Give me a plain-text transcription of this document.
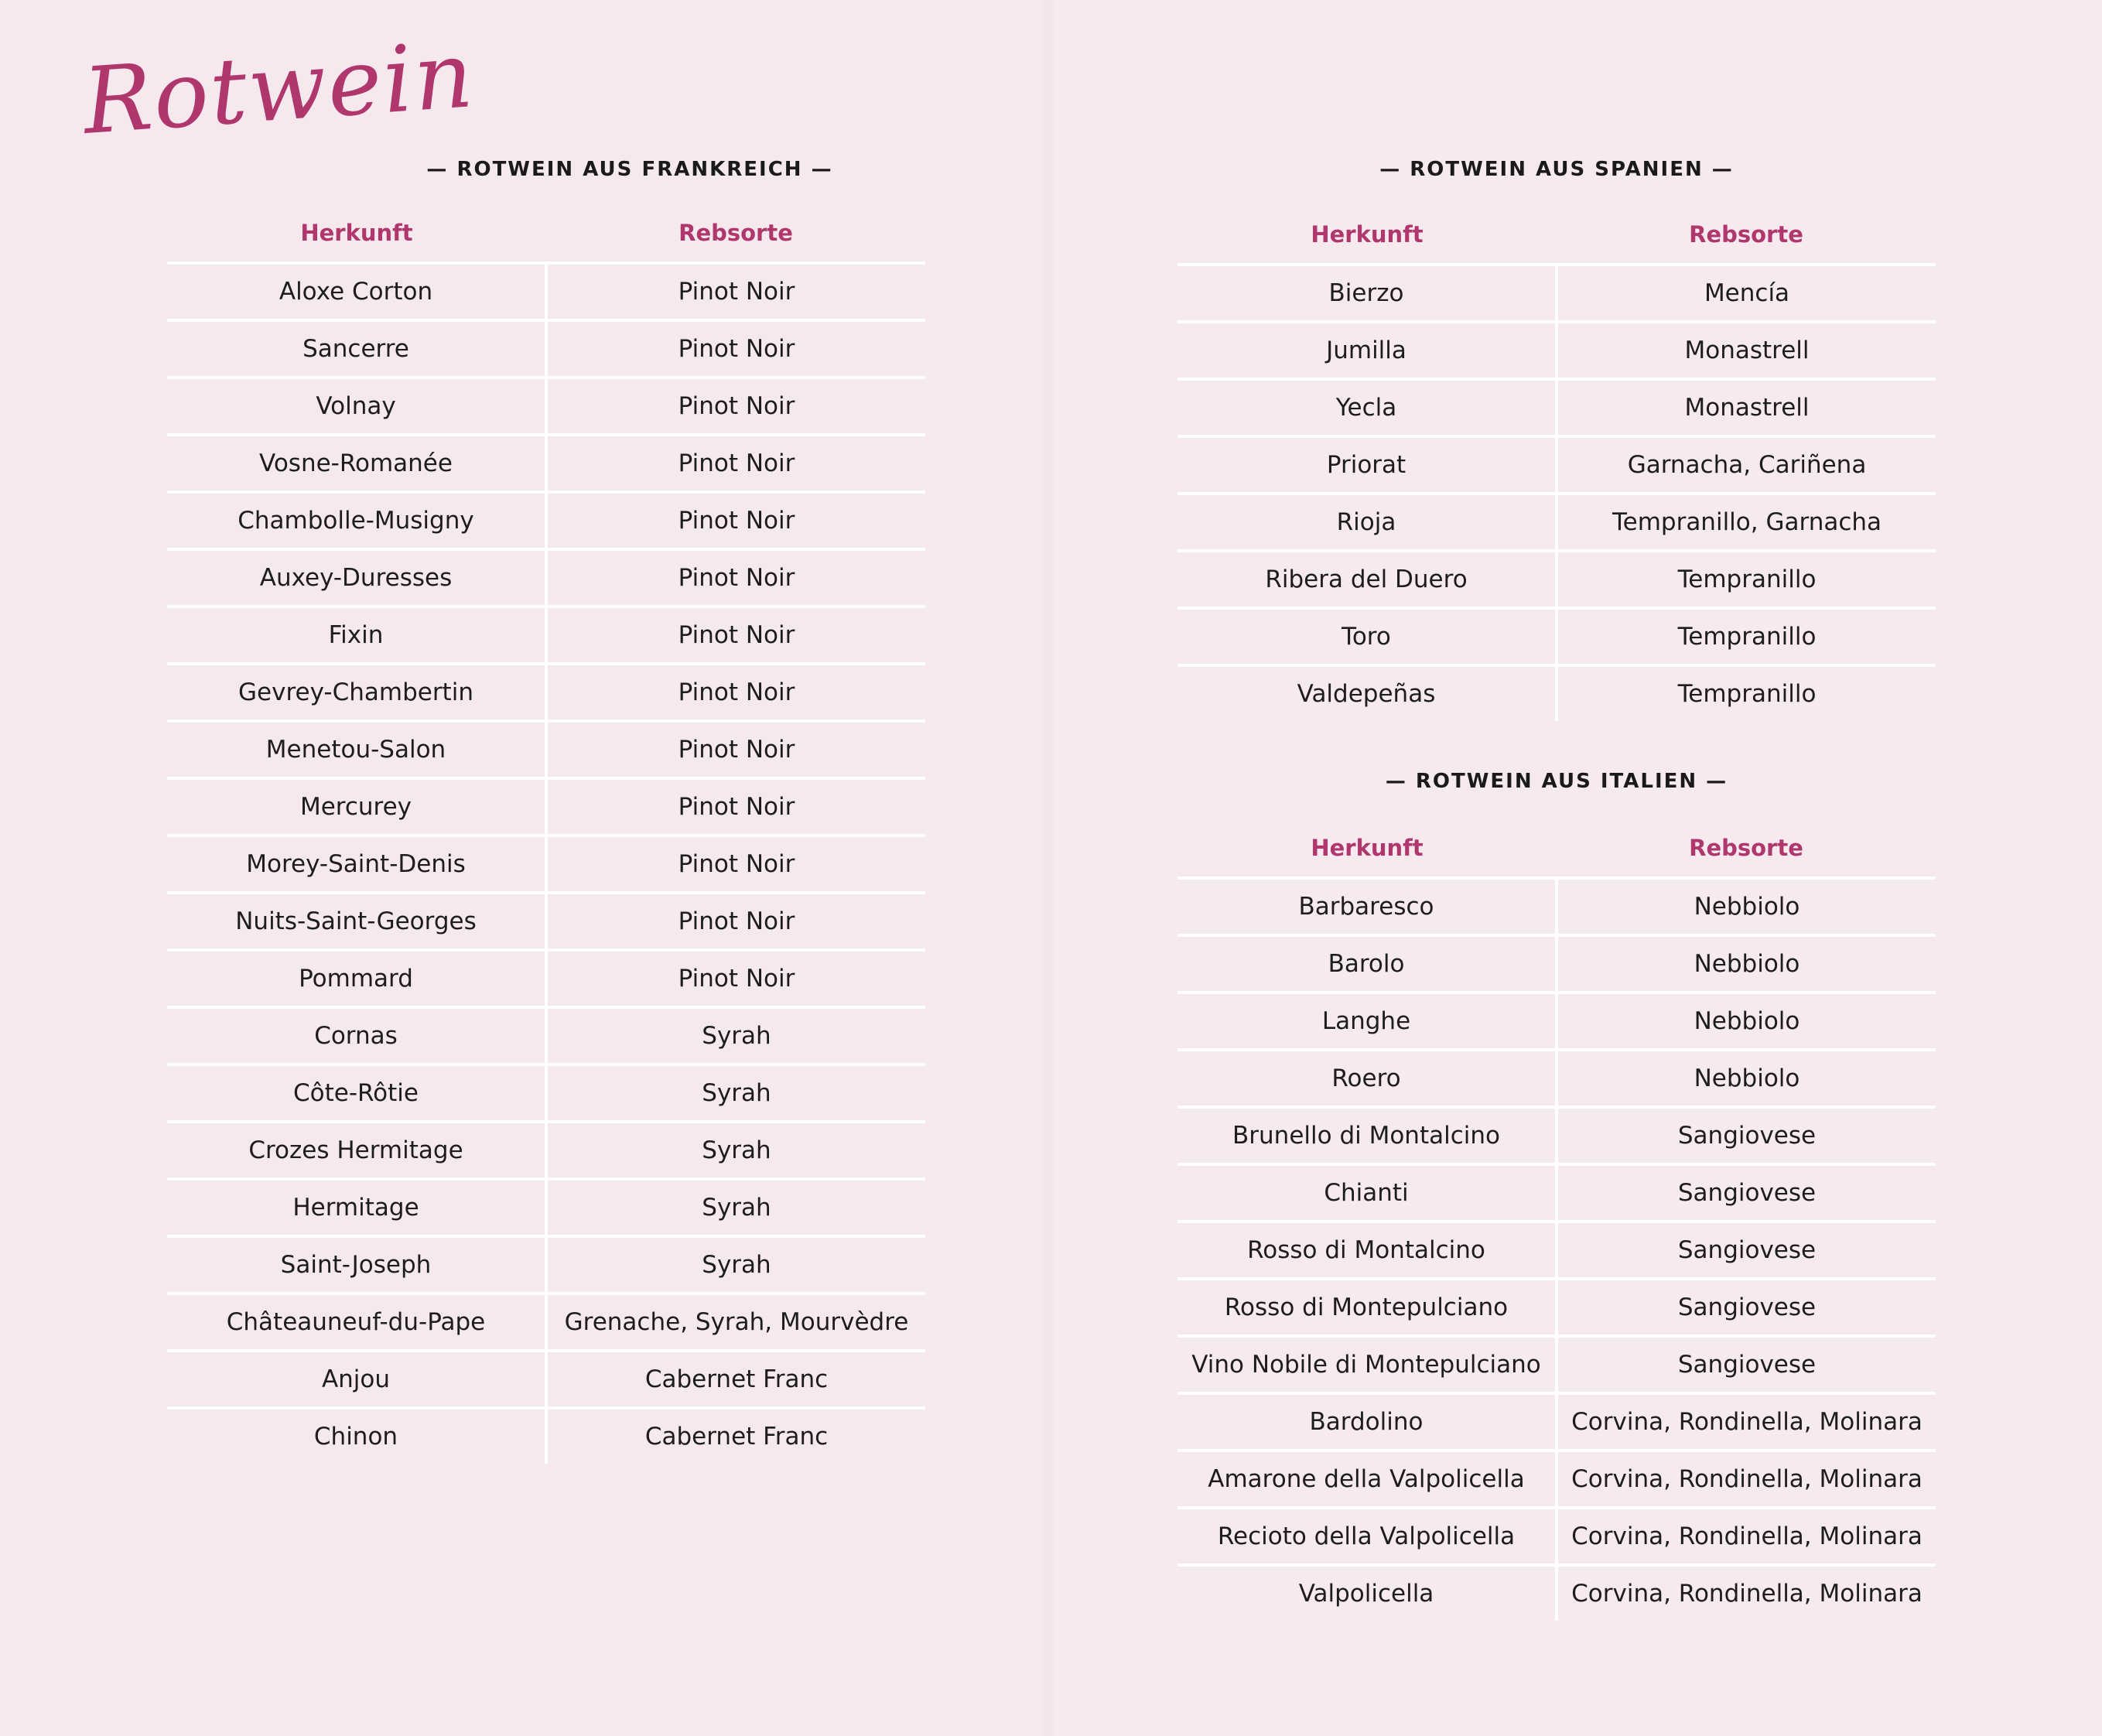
Rotwein
— ROTWEIN AUS FRANKREICH —
Herkunft	Rebsorte
Aloxe Corton	Pinot Noir
Sancerre	Pinot Noir
Volnay	Pinot Noir
Vosne-Romanée	Pinot Noir
Chambolle-Musigny	Pinot Noir
Auxey-Duresses	Pinot Noir
Fixin	Pinot Noir
Gevrey-Chambertin	Pinot Noir
Menetou-Salon	Pinot Noir
Mercurey	Pinot Noir
Morey-Saint-Denis	Pinot Noir
Nuits-Saint-Georges	Pinot Noir
Pommard	Pinot Noir
Cornas	Syrah
Côte-Rôtie	Syrah
Crozes Hermitage	Syrah
Hermitage	Syrah
Saint-Joseph	Syrah
Châteauneuf-du-Pape	Grenache, Syrah, Mourvèdre
Anjou	Cabernet Franc
Chinon	Cabernet Franc
— ROTWEIN AUS SPANIEN —
Herkunft	Rebsorte
Bierzo	Mencía
Jumilla	Monastrell
Yecla	Monastrell
Priorat	Garnacha, Cariñena
Rioja	Tempranillo, Garnacha
Ribera del Duero	Tempranillo
Toro	Tempranillo
Valdepeñas	Tempranillo
— ROTWEIN AUS ITALIEN —
Herkunft	Rebsorte
Barbaresco	Nebbiolo
Barolo	Nebbiolo
Langhe	Nebbiolo
Roero	Nebbiolo
Brunello di Montalcino	Sangiovese
Chianti	Sangiovese
Rosso di Montalcino	Sangiovese
Rosso di Montepulciano	Sangiovese
Vino Nobile di Montepulciano	Sangiovese
Bardolino	Corvina, Rondinella, Molinara
Amarone della Valpolicella	Corvina, Rondinella, Molinara
Recioto della Valpolicella	Corvina, Rondinella, Molinara
Valpolicella	Corvina, Rondinella, Molinara
